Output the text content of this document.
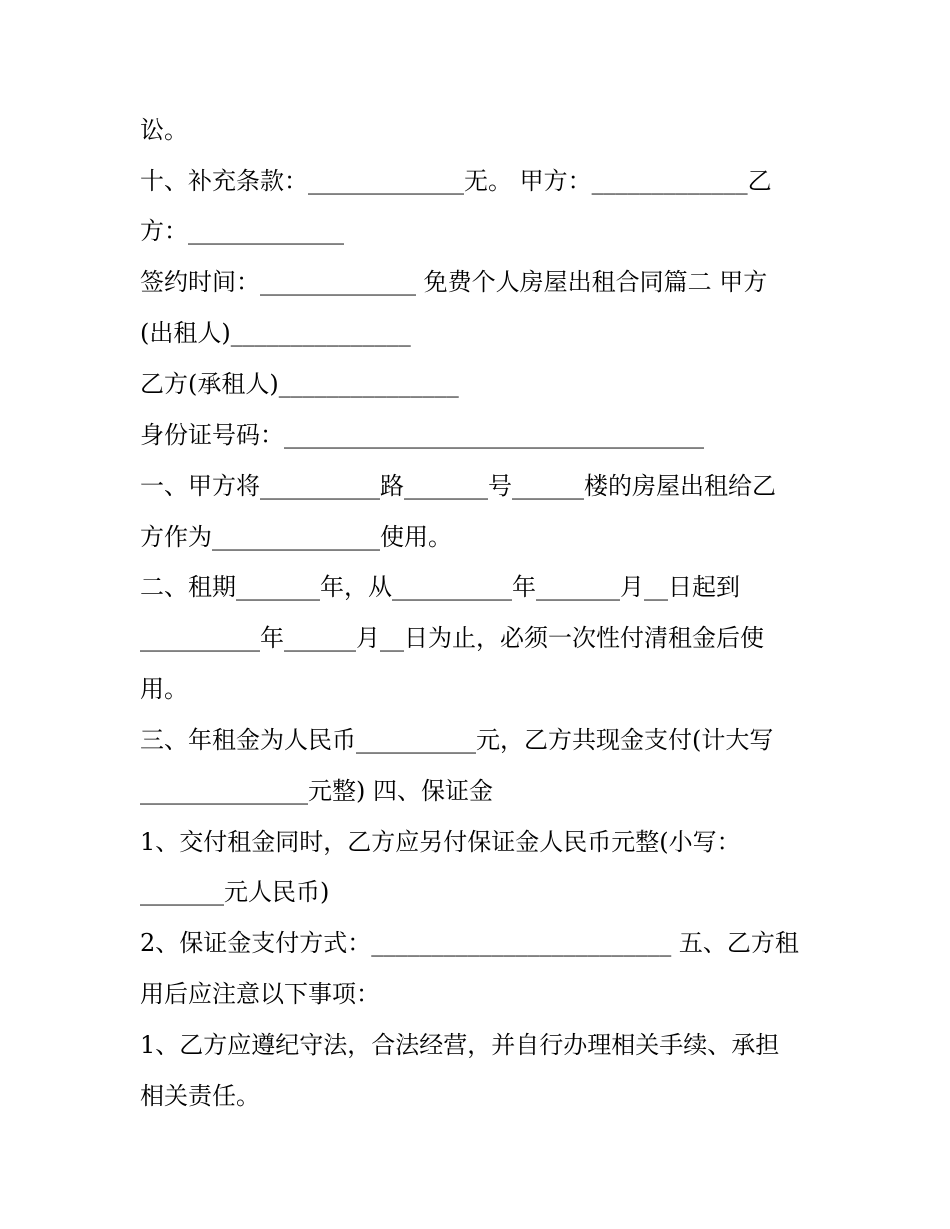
讼。

十、补充条款：_____________无。 甲方：_____________乙

方：_____________

签约时间：_____________ 免费个人房屋出租合同篇二 甲方

(出租人)_______________

乙方(承租人)_______________

身份证号码：___________________________________

一、甲方将__________路_______号______楼的房屋出租给乙

方作为______________使用。

二、租期_______年，从__________年_______月__日起到

__________年______月__日为止，必须一次性付清租金后使

用。

三、年租金为人民币__________元，乙方共现金支付(计大写

______________元整) 四、保证金

1、交付租金同时，乙方应另付保证金人民币元整(小写：

_______元人民币)

2、保证金支付方式：_________________________ 五、乙方租

用后应注意以下事项：

1、乙方应遵纪守法，合法经营，并自行办理相关手续、承担

相关责任。
